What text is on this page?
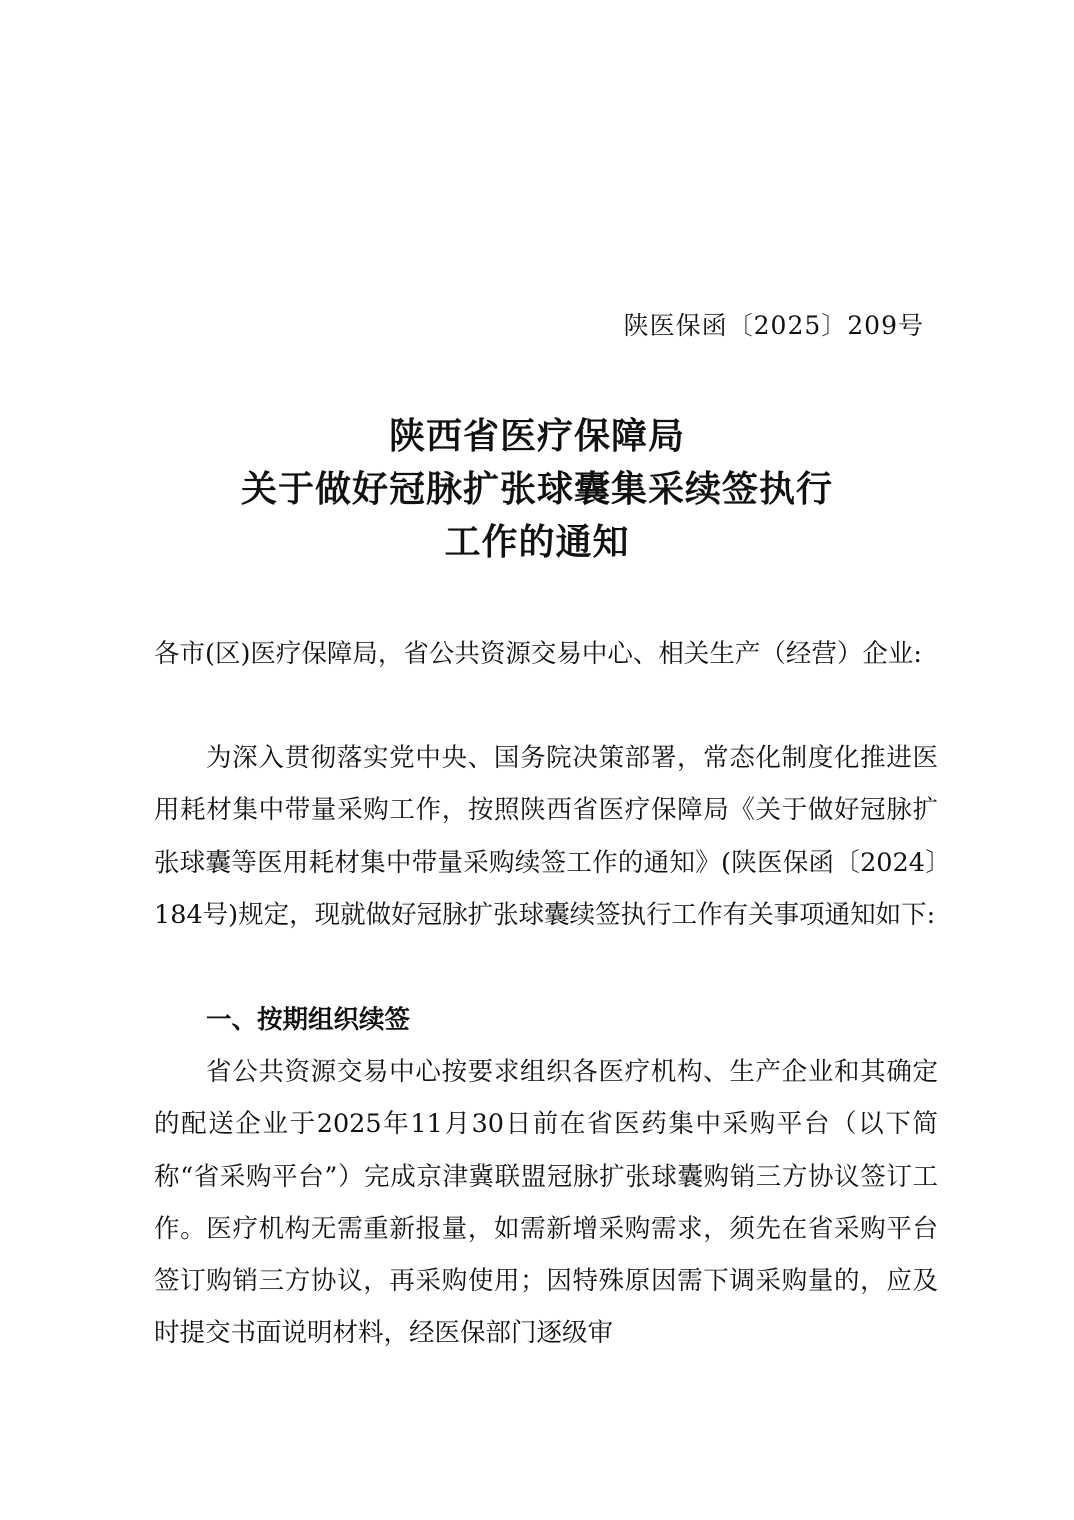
陕医保函〔2025〕209号
陕西省医疗保障局
关于做好冠脉扩张球囊集采续签执行
工作的通知

各市(区)医疗保障局，省公共资源交易中心、相关生产（经营）企业:

为深入贯彻落实党中央、国务院决策部署，常态化制度化推进医用耗材集中带量采购工作，按照陕西省医疗保障局《关于做好冠脉扩张球囊等医用耗材集中带量采购续签工作的通知》(陕医保函〔2024〕184号)规定，现就做好冠脉扩张球囊续签执行工作有关事项通知如下:

一、按期组织续签

省公共资源交易中心按要求组织各医疗机构、生产企业和其确定的配送企业于2025年11月30日前在省医药集中采购平台（以下简称“省采购平台”）完成京津冀联盟冠脉扩张球囊购销三方协议签订工作。医疗机构无需重新报量，如需新增采购需求，须先在省采购平台签订购销三方协议，再采购使用；因特殊原因需下调采购量的，应及时提交书面说明材料，经医保部门逐级审
